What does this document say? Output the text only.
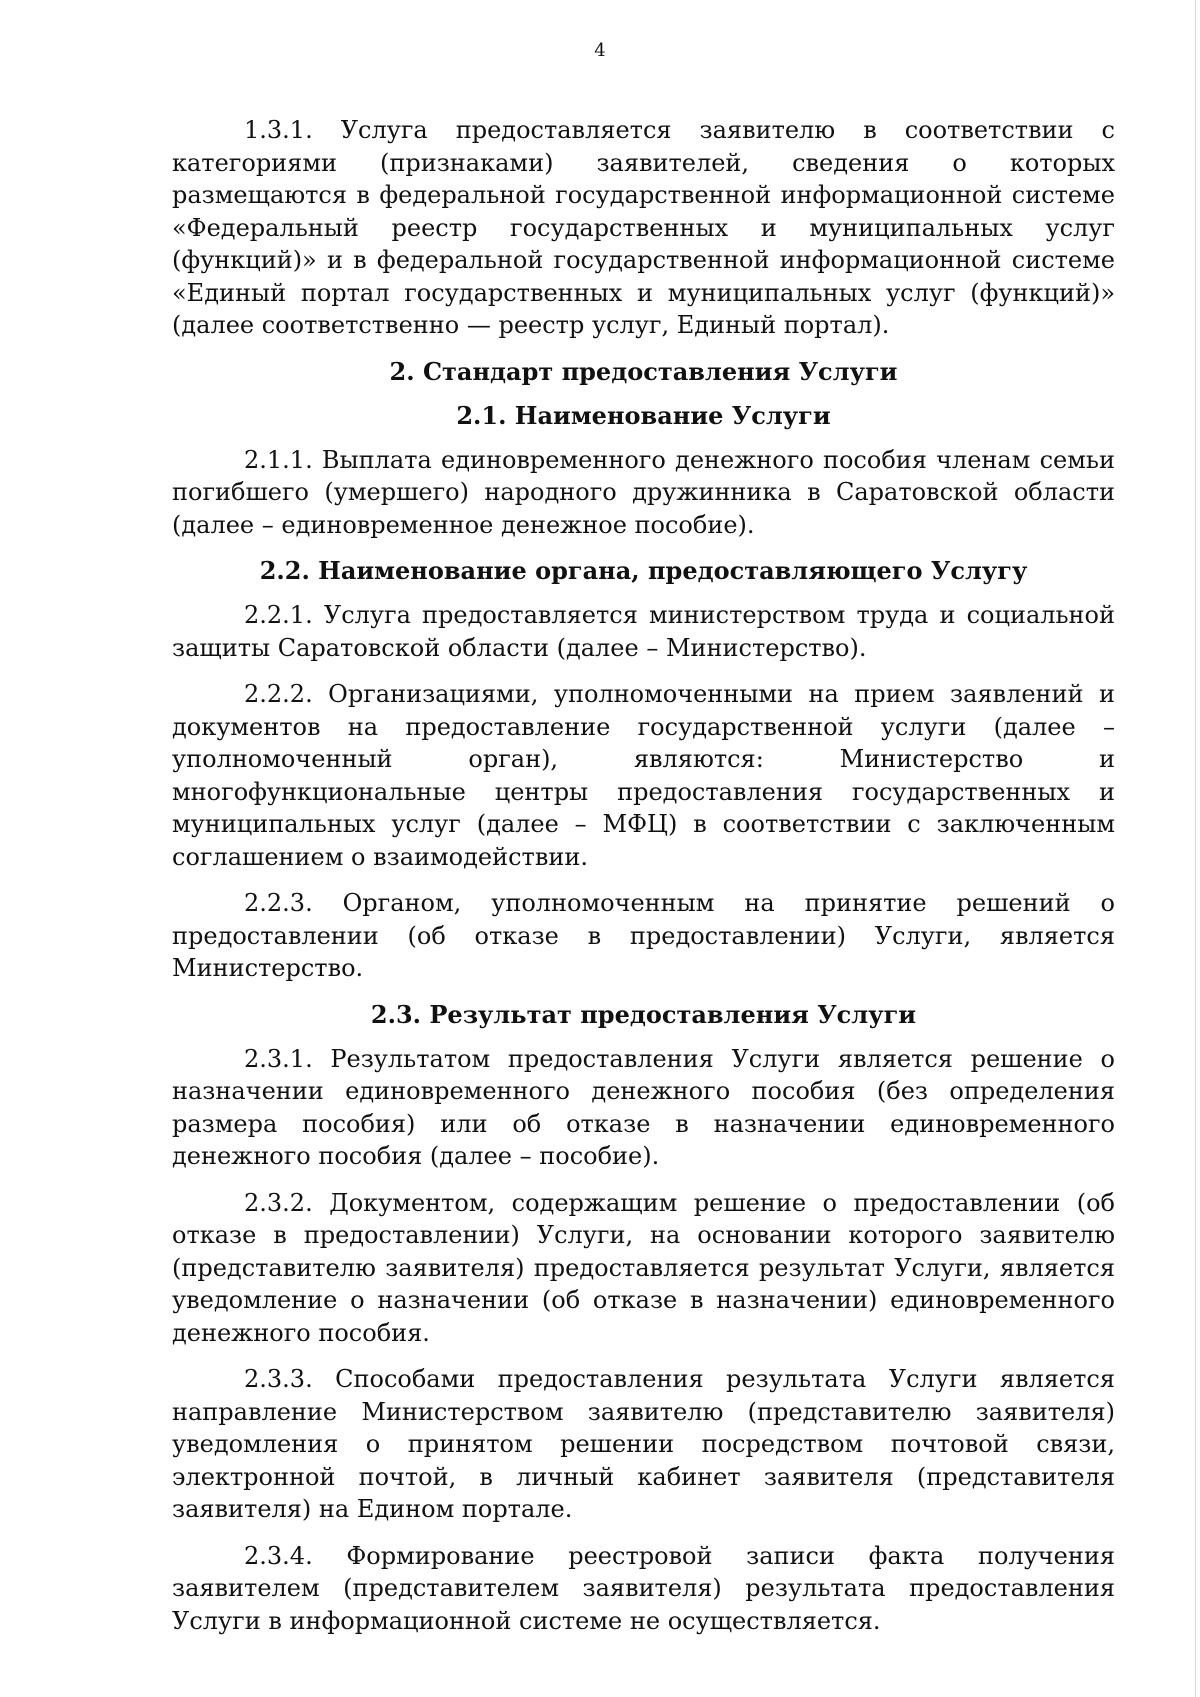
4

1.3.1. Услуга предоставляется заявителю в соответствии с категориями (признаками) заявителей, сведения о которых размещаются в федеральной государственной информационной системе «Федеральный реестр государственных и муниципальных услуг (функций)» и в федеральной государственной информационной системе «Единый портал государственных и муниципальных услуг (функций)» (далее соответственно — реестр услуг, Единый портал).

2. Стандарт предоставления Услуги
2.1. Наименование Услуги

2.1.1. Выплата единовременного денежного пособия членам семьи погибшего (умершего) народного дружинника в Саратовской области (далее – единовременное денежное пособие).

2.2. Наименование органа, предоставляющего Услугу

2.2.1. Услуга предоставляется министерством труда и социальной защиты Саратовской области (далее – Министерство).

2.2.2. Организациями, уполномоченными на прием заявлений и документов на предоставление государственной услуги (далее – уполномоченный орган), являются: Министерство и многофункциональные центры предоставления государственных и муниципальных услуг (далее – МФЦ) в соответствии с заключенным соглашением о взаимодействии.

2.2.3. Органом, уполномоченным на принятие решений о предоставлении (об отказе в предоставлении) Услуги, является Министерство.

2.3. Результат предоставления Услуги

2.3.1. Результатом предоставления Услуги является решение о назначении единовременного денежного пособия (без определения размера пособия) или об отказе в назначении единовременного денежного пособия (далее – пособие).

2.3.2. Документом, содержащим решение о предоставлении (об отказе в предоставлении) Услуги, на основании которого заявителю (представителю заявителя) предоставляется результат Услуги, является уведомление о назначении (об отказе в назначении) единовременного денежного пособия.

2.3.3. Способами предоставления результата Услуги является направление Министерством заявителю (представителю заявителя) уведомления о принятом решении посредством почтовой связи, электронной почтой, в личный кабинет заявителя (представителя заявителя) на Едином портале.

2.3.4. Формирование реестровой записи факта получения заявителем (представителем заявителя) результата предоставления Услуги в информационной системе не осуществляется.
